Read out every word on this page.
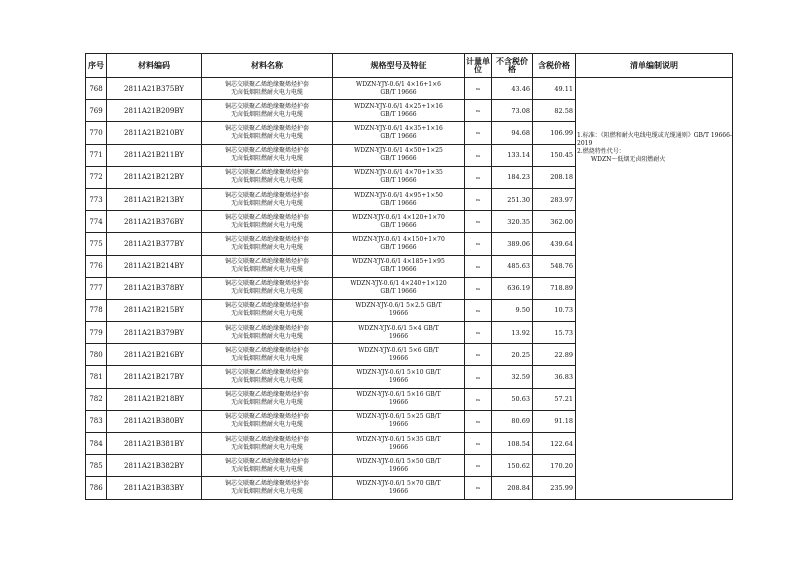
序号	材料编码	材料名称	规格型号及特征	计量单位	不含税价 格	含税价格	清单编制说明
768	2811A21B375BY	铜芯交联聚乙烯绝缘聚烯烃护套
无卤低烟阻燃耐火电力电缆	WDZN-YJY-0.6/1 4×16+1×6
GB/T 19666	m	43.46	49.11	1.标准：《阻燃和耐火电线电缆或光缆通则》GB/T 19666-2019
2.燃烧特性代号：
WDZN～低烟无卤阻燃耐火

769	2811A21B209BY	铜芯交联聚乙烯绝缘聚烯烃护套
无卤低烟阻燃耐火电力电缆	WDZN-YJY-0.6/1 4×25+1×16
GB/T 19666	m	73.08	82.58	
770	2811A21B210BY	铜芯交联聚乙烯绝缘聚烯烃护套
无卤低烟阻燃耐火电力电缆	WDZN-YJY-0.6/1 4×35+1×16
GB/T 19666	m	94.68	106.99	
771	2811A21B211BY	铜芯交联聚乙烯绝缘聚烯烃护套
无卤低烟阻燃耐火电力电缆	WDZN-YJY-0.6/1 4×50+1×25
GB/T 19666	m	133.14	150.45	
772	2811A21B212BY	铜芯交联聚乙烯绝缘聚烯烃护套
无卤低烟阻燃耐火电力电缆	WDZN-YJY-0.6/1 4×70+1×35
GB/T 19666	m	184.23	208.18	
773	2811A21B213BY	铜芯交联聚乙烯绝缘聚烯烃护套
无卤低烟阻燃耐火电力电缆	WDZN-YJY-0.6/1 4×95+1×50
GB/T 19666	m	251.30	283.97	
774	2811A21B376BY	铜芯交联聚乙烯绝缘聚烯烃护套
无卤低烟阻燃耐火电力电缆	WDZN-YJY-0.6/1 4×120+1×70
GB/T 19666	m	320.35	362.00	
775	2811A21B377BY	铜芯交联聚乙烯绝缘聚烯烃护套
无卤低烟阻燃耐火电力电缆	WDZN-YJY-0.6/1 4×150+1×70
GB/T 19666	m	389.06	439.64	
776	2811A21B214BY	铜芯交联聚乙烯绝缘聚烯烃护套
无卤低烟阻燃耐火电力电缆	WDZN-YJY-0.6/1 4×185+1×95
GB/T 19666	m	485.63	548.76	
777	2811A21B378BY	铜芯交联聚乙烯绝缘聚烯烃护套
无卤低烟阻燃耐火电力电缆	WDZN-YJY-0.6/1 4×240+1×120
GB/T 19666	m	636.19	718.89	
778	2811A21B215BY	铜芯交联聚乙烯绝缘聚烯烃护套
无卤低烟阻燃耐火电力电缆	WDZN-YJY-0.6/1 5×2.5 GB/T
19666	m	9.50	10.73	
779	2811A21B379BY	铜芯交联聚乙烯绝缘聚烯烃护套
无卤低烟阻燃耐火电力电缆	WDZN-YJY-0.6/1 5×4 GB/T
19666	m	13.92	15.73	
780	2811A21B216BY	铜芯交联聚乙烯绝缘聚烯烃护套
无卤低烟阻燃耐火电力电缆	WDZN-YJY-0.6/1 5×6 GB/T
19666	m	20.25	22.89	
781	2811A21B217BY	铜芯交联聚乙烯绝缘聚烯烃护套
无卤低烟阻燃耐火电力电缆	WDZN-YJY-0.6/1 5×10 GB/T
19666	m	32.59	36.83	
782	2811A21B218BY	铜芯交联聚乙烯绝缘聚烯烃护套
无卤低烟阻燃耐火电力电缆	WDZN-YJY-0.6/1 5×16 GB/T
19666	m	50.63	57.21	
783	2811A21B380BY	铜芯交联聚乙烯绝缘聚烯烃护套
无卤低烟阻燃耐火电力电缆	WDZN-YJY-0.6/1 5×25 GB/T
19666	m	80.69	91.18	
784	2811A21B381BY	铜芯交联聚乙烯绝缘聚烯烃护套
无卤低烟阻燃耐火电力电缆	WDZN-YJY-0.6/1 5×35 GB/T
19666	m	108.54	122.64	
785	2811A21B382BY	铜芯交联聚乙烯绝缘聚烯烃护套
无卤低烟阻燃耐火电力电缆	WDZN-YJY-0.6/1 5×50 GB/T
19666	m	150.62	170.20	
786	2811A21B383BY	铜芯交联聚乙烯绝缘聚烯烃护套
无卤低烟阻燃耐火电力电缆	WDZN-YJY-0.6/1 5×70 GB/T
19666	m	208.84	235.99	
